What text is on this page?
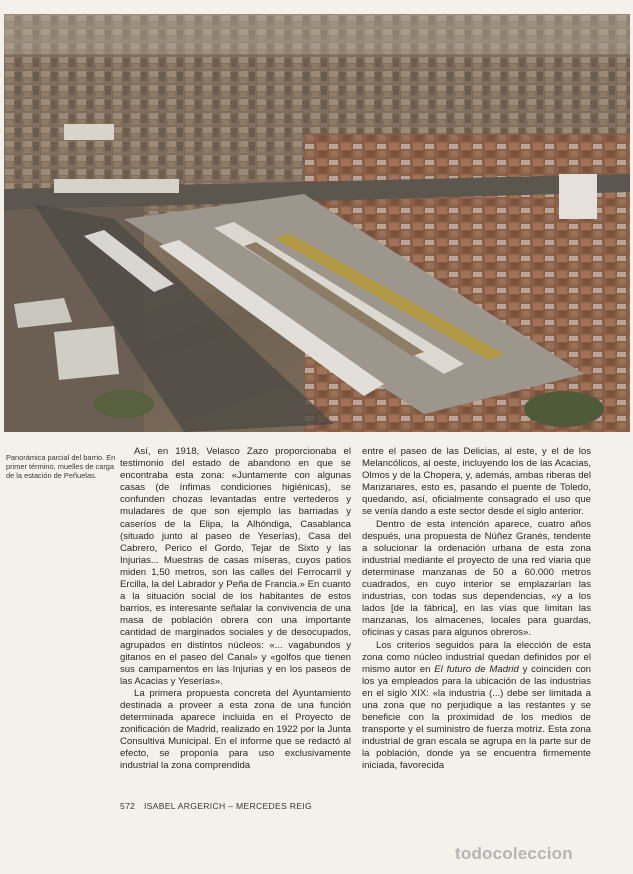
Panorámica parcial del barrio. En primer término, muelles de carga de la estación de Peñuelas.

Así, en 1918, Velasco Zazo proporcionaba el testimonio del estado de abandono en que se encontraba esta zona: «Juntamente con algunas casas (de ínfimas condiciones higiénicas), se confunden chozas levantadas entre vertederos y muladares de que son ejemplo las barriadas y caseríos de la Elipa, la Alhóndiga, Casablanca (situado junto al paseo de Yeserías), Casa del Cabrero, Perico el Gordo, Tejar de Sixto y las Injurias... Muestras de casas míseras, cuyos patios miden 1,50 metros, son las calles del Ferrocarril y Ercilla, la del Labrador y Peña de Francia.» En cuanto a la situación social de los habitantes de estos barrios, es interesante señalar la convivencia de una masa de población obrera con una importante cantidad de marginados sociales y de desocupados, agrupados en distintos núcleos: «... vagabundos y gitanos en el paseo del Canal» y «golfos que tienen sus campamentos en las Injurias y en los paseos de las Acacias y Yeserías».

La primera propuesta concreta del Ayuntamiento destinada a proveer a esta zona de una función determinada aparece incluida en el Proyecto de zonificación de Madrid, realizado en 1922 por la Junta Consultiva Municipal. En el informe que se redactó al efecto, se proponía para uso exclusivamente industrial la zona comprendida

entre el paseo de las Delicias, al este, y el de los Melancólicos, al oeste, incluyendo los de las Acacias, Olmos y de la Chopera, y, además, ambas riberas del Manzanares, esto es, pasando el puente de Toledo, quedando, así, oficialmente consagrado el uso que se venía dando a este sector desde el siglo anterior.

Dentro de esta intención aparece, cuatro años después, una propuesta de Núñez Granés, tendente a solucionar la ordenación urbana de esta zona industrial mediante el proyecto de una red viaria que determinase manzanas de 50 a 60.000 metros cuadrados, en cuyo interior se emplazarían las industrias, con todas sus dependencias, «y a los lados [de la fábrica], en las vías que limitan las manzanas, los almacenes, locales para guardas, oficinas y casas para algunos obreros».

Los criterios seguidos para la elección de esta zona como núcleo industrial quedan definidos por el mismo autor en El futuro de Madrid y coinciden con los ya empleados para la ubicación de las industrias en el siglo XIX: «la industria (...) debe ser limitada a una zona que no perjudique a las restantes y se beneficie con la proximidad de los medios de transporte y el suministro de fuerza motriz. Esta zona industrial de gran escala se agrupa en la parte sur de la población, donde ya se encuentra firmemente iniciada, favorecida

572 ISABEL ARGERICH – MERCEDES REIG
todocoleccion
